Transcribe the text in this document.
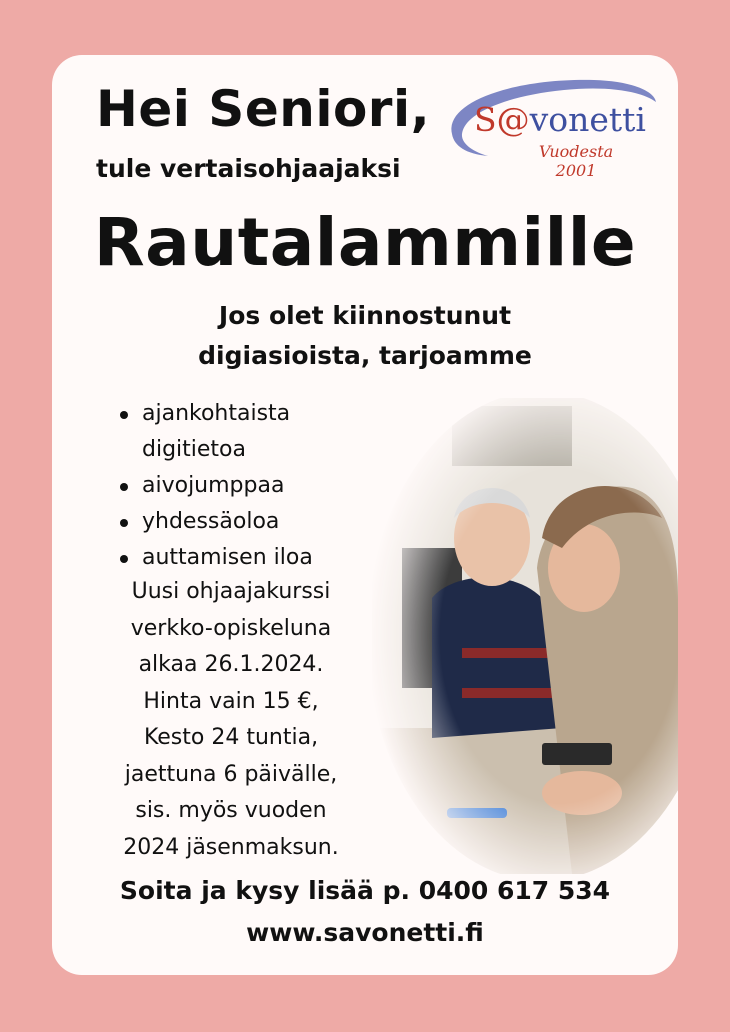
Hei Seniori,
tule vertaisohjaajaksi
S@vonetti
Vuodesta
2001
Rautalammille
Jos olet kiinnostunut
digiasioista, tarjoamme
ajankohtaista digitietoa
aivojumppaa
yhdessäoloa
auttamisen iloa
Uusi ohjaajakurssi
verkko-opiskeluna
alkaa 26.1.2024.
Hinta vain 15 €,
Kesto 24 tuntia,
jaettuna 6 päivälle,
sis. myös vuoden
2024 jäsenmaksun.
Soita ja kysy lisää p. 0400 617 534
www.savonetti.fi
